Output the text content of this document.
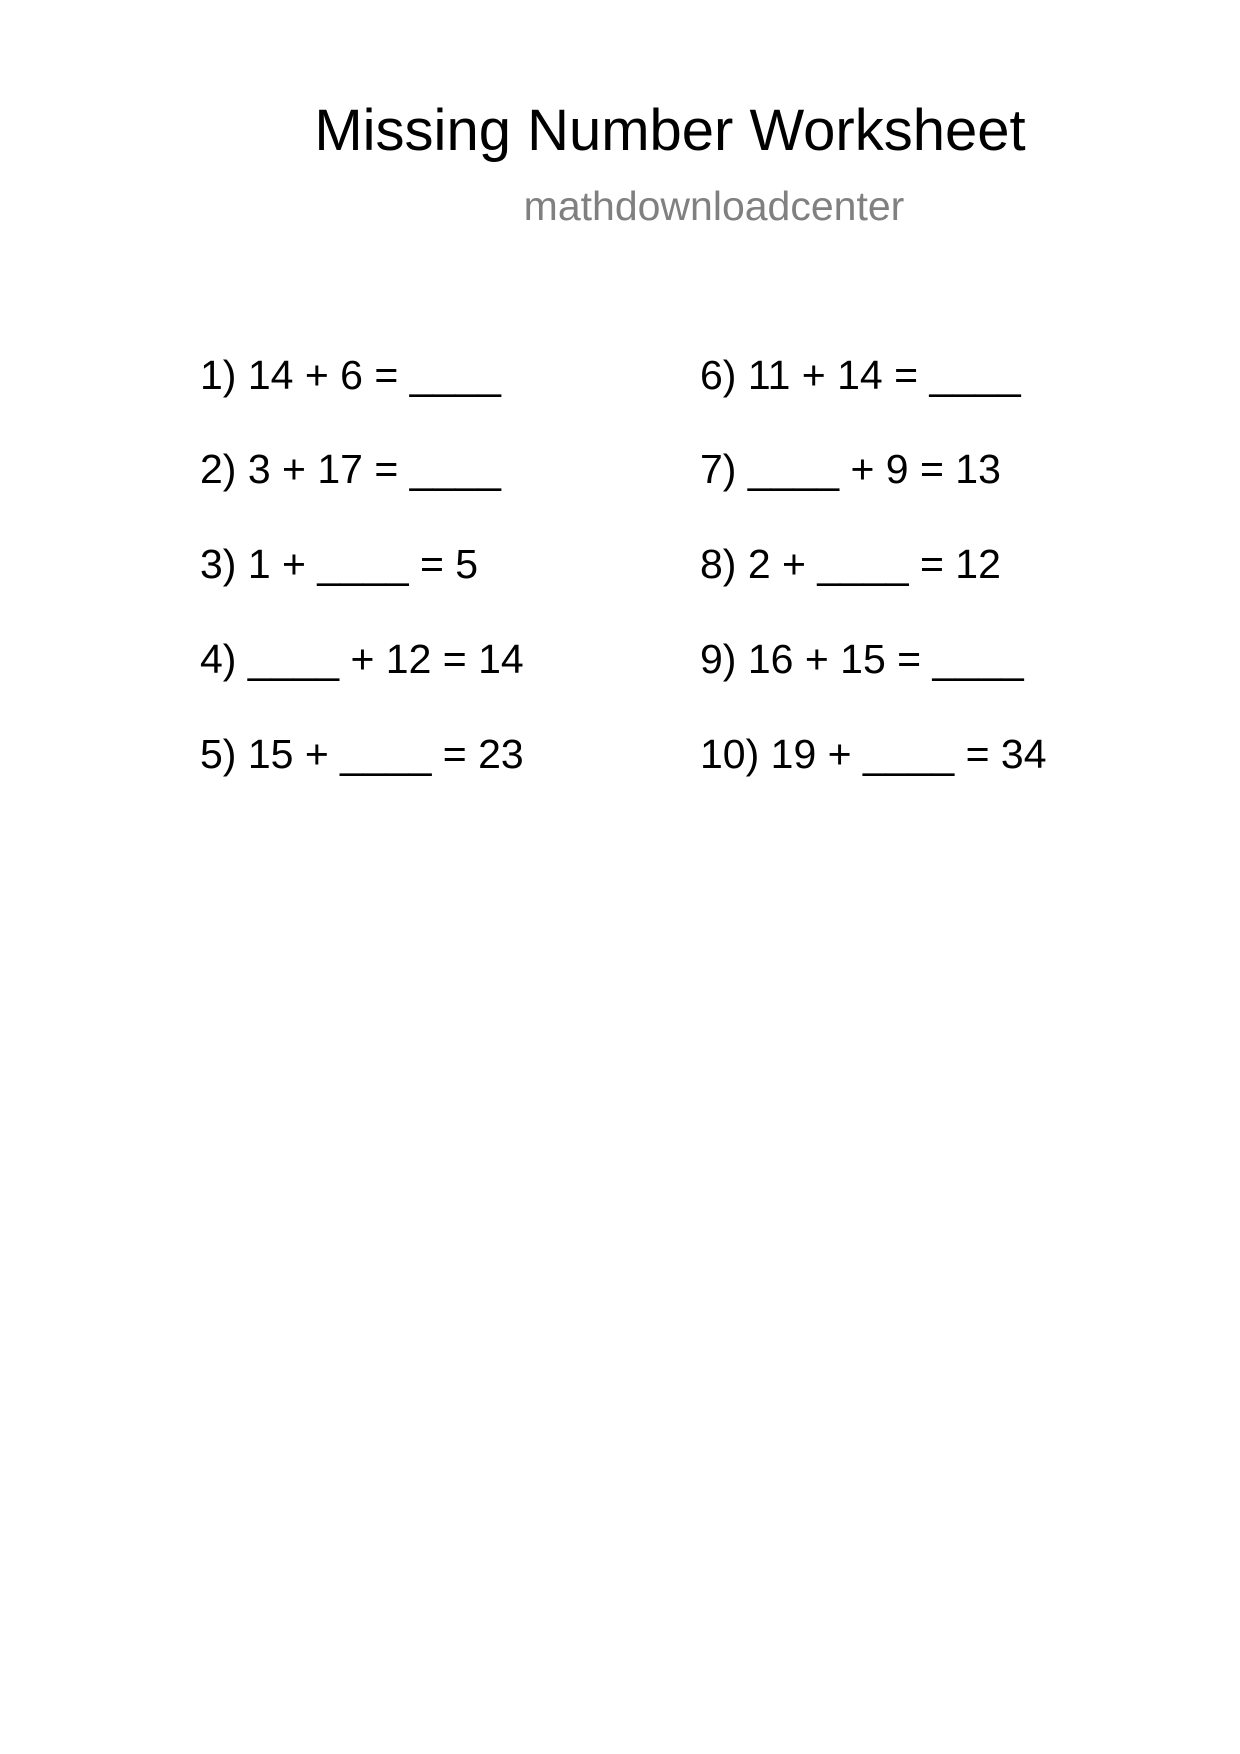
Missing Number Worksheet
mathdownloadcenter
1) 14 + 6 = ____
2) 3 + 17 = ____
3) 1 + ____ = 5
4) ____ + 12 = 14
5) 15 + ____ = 23
6) 11 + 14 = ____
7) ____ + 9 = 13
8) 2 + ____ = 12
9) 16 + 15 = ____
10) 19 + ____ = 34
